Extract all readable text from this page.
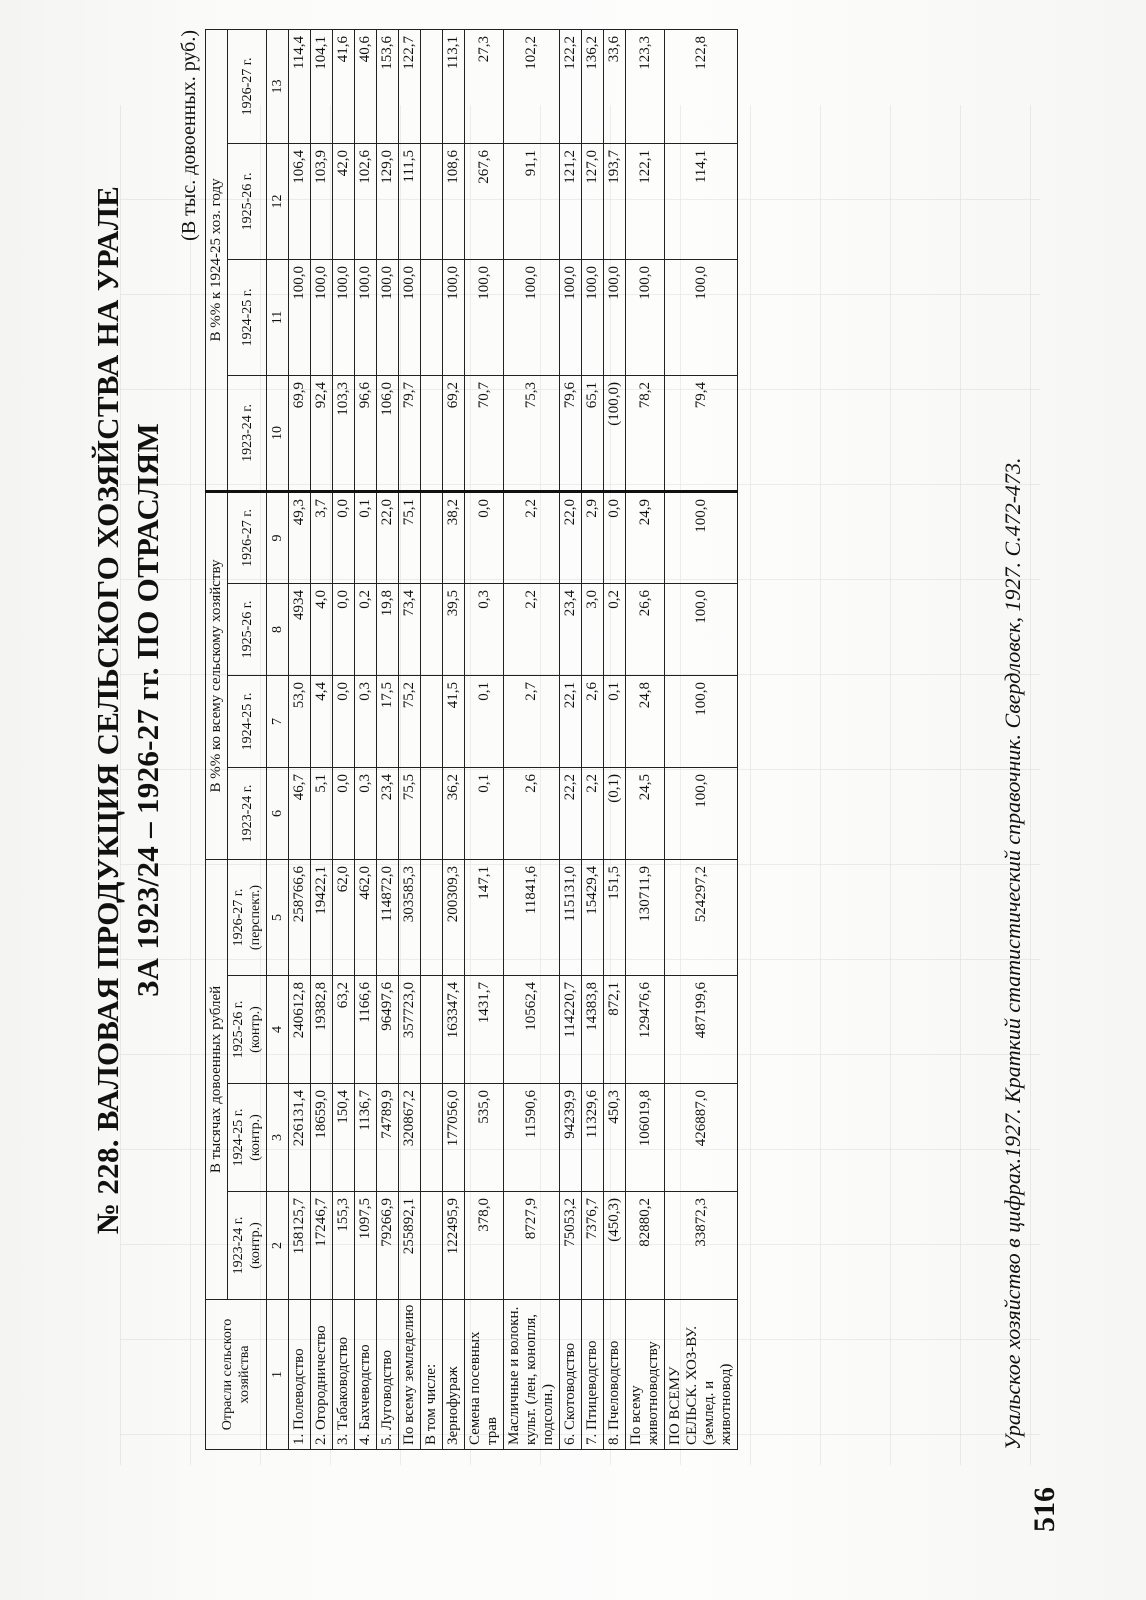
516
№ 228. ВАЛОВАЯ ПРОДУКЦИЯ СЕЛЬСКОГО ХОЗЯЙСТВА НА УРАЛЕ ЗА 1923/24 – 1926-27 гг. ПО ОТРАСЛЯМ
(В тыс. довоенных. руб.)
Отрасли сельского хозяйства	В тысячах довоенных рублей				В %% ко всему сельскому хозяйству				В %% к 1924-25 хоз. году			
	1923-24 г. (контр.)	1924-25 г. (контр.)	1925-26 г. (контр.)	1926-27 г. (перспект.)	1923-24 г.	1924-25 г.	1925-26 г.	1926-27 г.	1923-24 г.	1924-25 г.	1925-26 г.	1926-27 г.
1	2	3	4	5	6	7	8	9	10	11	12	13
1. Полеводство	158125,7	226131,4	240612,8	258766,6	46,7	53,0	4934	49,3	69,9	100,0	106,4	114,4
2. Огородничество	17246,7	18659,0	19382,8	19422,1	5,1	4,4	4,0	3,7	92,4	100,0	103,9	104,1
3. Табаководство	155,3	150,4	63,2	62,0	0,0	0,0	0,0	0,0	103,3	100,0	42,0	41,6
4. Бахчеводство	1097,5	1136,7	1166,6	462,0	0,3	0,3	0,2	0,1	96,6	100,0	102,6	40,6
5. Луговодство	79266,9	74789,9	96497,6	114872,0	23,4	17,5	19,8	22,0	106,0	100,0	129,0	153,6
По всему земледелию	255892,1	320867,2	357723,0	303585,3	75,5	75,2	73,4	75,1	79,7	100,0	111,5	122,7
В том числе:												
Зернофураж	122495,9	177056,0	163347,4	200309,3	36,2	41,5	39,5	38,2	69,2	100,0	108,6	113,1
Семена посевных трав	378,0	535,0	1431,7	147,1	0,1	0,1	0,3	0,0	70,7	100,0	267,6	27,3
Масличные и волокн. культ. (лен, конопля, подсолн.)	8727,9	11590,6	10562,4	11841,6	2,6	2,7	2,2	2,2	75,3	100,0	91,1	102,2
6. Скотоводство	75053,2	94239,9	114220,7	115131,0	22,2	22,1	23,4	22,0	79,6	100,0	121,2	122,2
7. Птицеводство	7376,7	11329,6	14383,8	15429,4	2,2	2,6	3,0	2,9	65,1	100,0	127,0	136,2
8. Пчеловодство	(450,3)	450,3	872,1	151,5	(0,1)	0,1	0,2	0,0	(100,0)	100,0	193,7	33,6
По всему животноводству	82880,2	106019,8	129476,6	130711,9	24,5	24,8	26,6	24,9	78,2	100,0	122,1	123,3
ПО ВСЕМУ СЕЛЬСК. ХОЗ-ВУ. (землед. и животновод)	33872,3	426887,0	487199,6	524297,2	100,0	100,0	100,0	100,0	79,4	100,0	114,1	122,8
Уральское хозяйство в цифрах.1927. Краткий статистический справочник. Свердловск, 1927. С.472-473.
